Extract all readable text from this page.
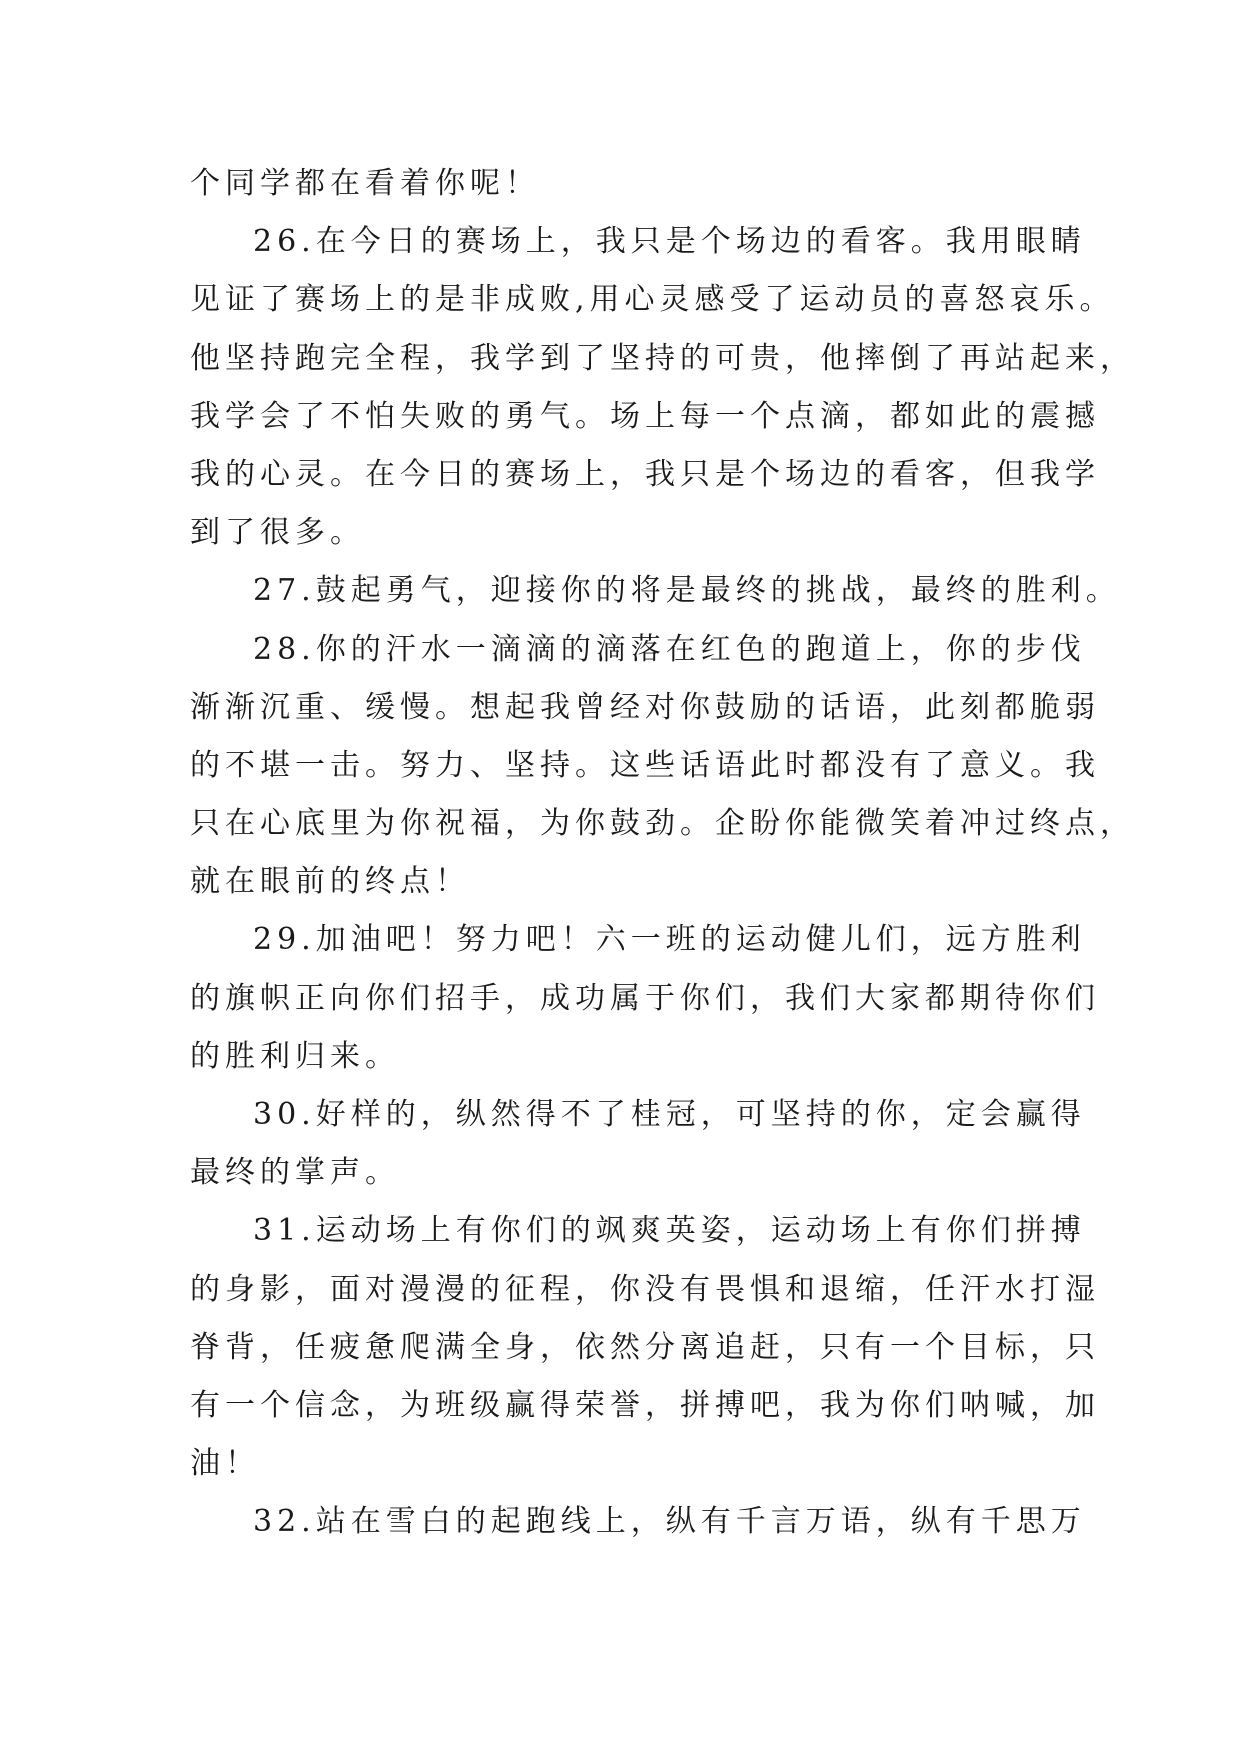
个同学都在看着你呢！
26.在今日的赛场上，我只是个场边的看客。我用眼睛
见证了赛场上的是非成败,用心灵感受了运动员的喜怒哀乐。
他坚持跑完全程，我学到了坚持的可贵，他摔倒了再站起来，
我学会了不怕失败的勇气。场上每一个点滴，都如此的震撼
我的心灵。在今日的赛场上，我只是个场边的看客，但我学
到了很多。
27.鼓起勇气，迎接你的将是最终的挑战，最终的胜利。
28.你的汗水一滴滴的滴落在红色的跑道上，你的步伐
渐渐沉重、缓慢。想起我曾经对你鼓励的话语，此刻都脆弱
的不堪一击。努力、坚持。这些话语此时都没有了意义。我
只在心底里为你祝福，为你鼓劲。企盼你能微笑着冲过终点，
就在眼前的终点！
29.加油吧！努力吧！六一班的运动健儿们，远方胜利
的旗帜正向你们招手，成功属于你们，我们大家都期待你们
的胜利归来。
30.好样的，纵然得不了桂冠，可坚持的你，定会赢得
最终的掌声。
31.运动场上有你们的飒爽英姿，运动场上有你们拼搏
的身影，面对漫漫的征程，你没有畏惧和退缩，任汗水打湿
脊背，任疲惫爬满全身，依然分离追赶，只有一个目标，只
有一个信念，为班级赢得荣誉，拼搏吧，我为你们呐喊，加
油！
32.站在雪白的起跑线上，纵有千言万语，纵有千思万
